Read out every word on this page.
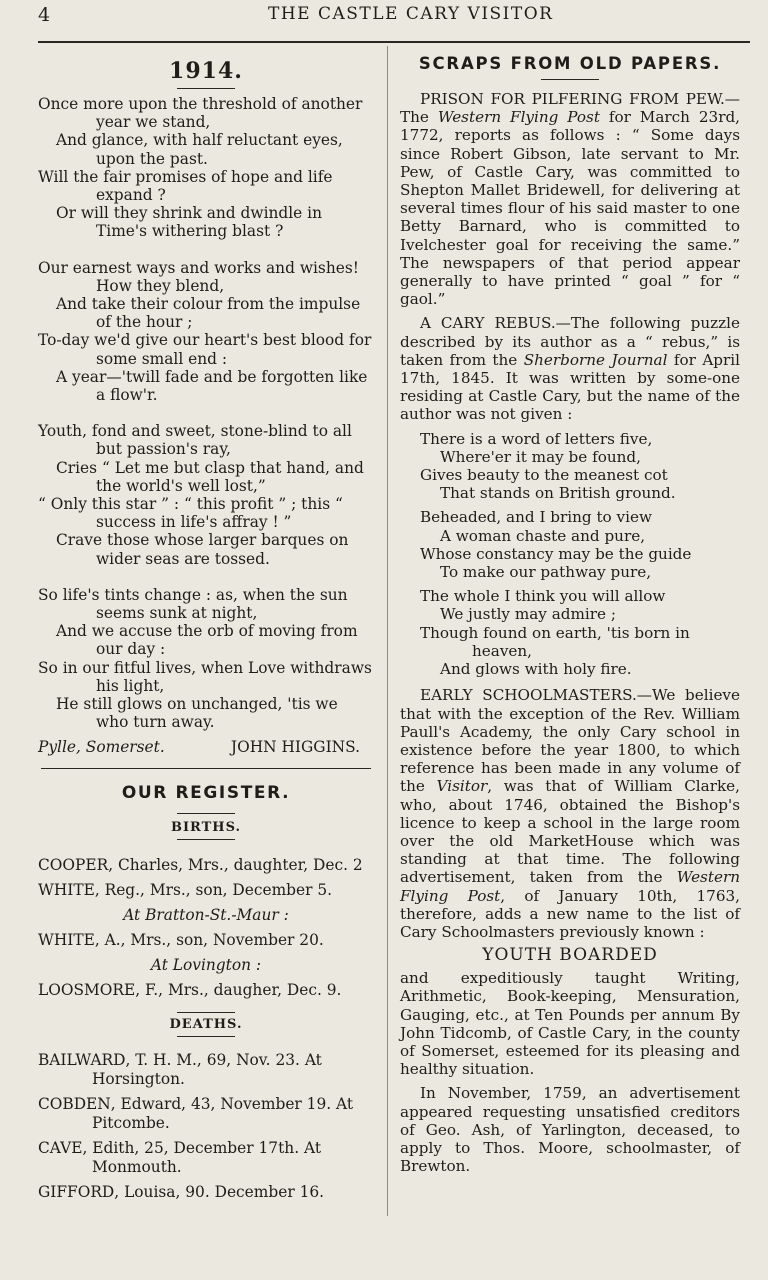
4	THE CASTLE CARY VISITOR
1914.

Once more upon the threshold of another year we stand,

And glance, with half reluctant eyes, upon the past.

Will the fair promises of hope and life expand ?

Or will they shrink and dwindle in Time's withering blast ?

Our earnest ways and works and wishes! How they blend,

And take their colour from the impulse of the hour ;

To-day we'd give our heart's best blood for some small end :

A year—'twill fade and be forgotten like a flow'r.

Youth, fond and sweet, stone-blind to all but passion's ray,

Cries “ Let me but clasp that hand, and the world's well lost,”

“ Only this star ” : “ this profit ” ; this “ success in life's affray ! ”

Crave those whose larger barques on wider seas are tossed.

So life's tints change : as, when the sun seems sunk at night,

And we accuse the orb of moving from our day :

So in our fitful lives, when Love withdraws his light,

He still glows on unchanged, 'tis we who turn away.

Pylle, Somerset.	JOHN HIGGINS.
OUR REGISTER.
BIRTHS.

COOPER, Charles, Mrs., daughter, Dec. 2

WHITE, Reg., Mrs., son, December 5.

At Bratton-St.-Maur :

WHITE, A., Mrs., son, November 20.

At Lovington :

LOOSMORE, F., Mrs., daugher, Dec. 9.

DEATHS.

BAILWARD, T. H. M., 69, Nov. 23. At Horsington.

COBDEN, Edward, 43, November 19. At Pitcombe.

CAVE, Edith, 25, December 17th. At Monmouth.

GIFFORD, Louisa, 90. December 16.

SCRAPS FROM OLD PAPERS.

PRISON FOR PILFERING FROM PEW.—The Western Flying Post for March 23rd, 1772, reports as follows : “ Some days since Robert Gibson, late servant to Mr. Pew, of Castle Cary, was committed to Shepton Mallet Bridewell, for delivering at several times flour of his said master to one Betty Barnard, who is committed to Ivelchester goal for receiving the same.” The newspapers of that period appear generally to have printed “ goal ” for “ gaol.”

A CARY REBUS.—The following puzzle described by its author as a “ rebus,” is taken from the Sherborne Journal for April 17th, 1845. It was written by some-one residing at Castle Cary, but the name of the author was not given :

There is a word of letters five,

Where'er it may be found,

Gives beauty to the meanest cot

That stands on British ground.

Beheaded, and I bring to view

A woman chaste and pure,

Whose constancy may be the guide

To make our pathway pure,

The whole I think you will allow

We justly may admire ;

Though found on earth, 'tis born in

heaven,

And glows with holy fire.

EARLY SCHOOLMASTERS.—We believe that with the exception of the Rev. William Paull's Academy, the only Cary school in existence before the year 1800, to which reference has been made in any volume of the Visitor, was that of William Clarke, who, about 1746, obtained the Bishop's licence to keep a school in the large room over the old MarketHouse which was standing at that time. The following advertisement, taken from the Western Flying Post, of January 10th, 1763, therefore, adds a new name to the list of Cary Schoolmasters previously known :

YOUTH BOARDED

and expeditiously taught Writing, Arithmetic, Book-keeping, Mensuration, Gauging, etc., at Ten Pounds per annum By John Tidcomb, of Castle Cary, in the county of Somerset, esteemed for its pleasing and healthy situation.

In November, 1759, an advertisement appeared requesting unsatisfied creditors of Geo. Ash, of Yarlington, deceased, to apply to Thos. Moore, schoolmaster, of Brewton.
